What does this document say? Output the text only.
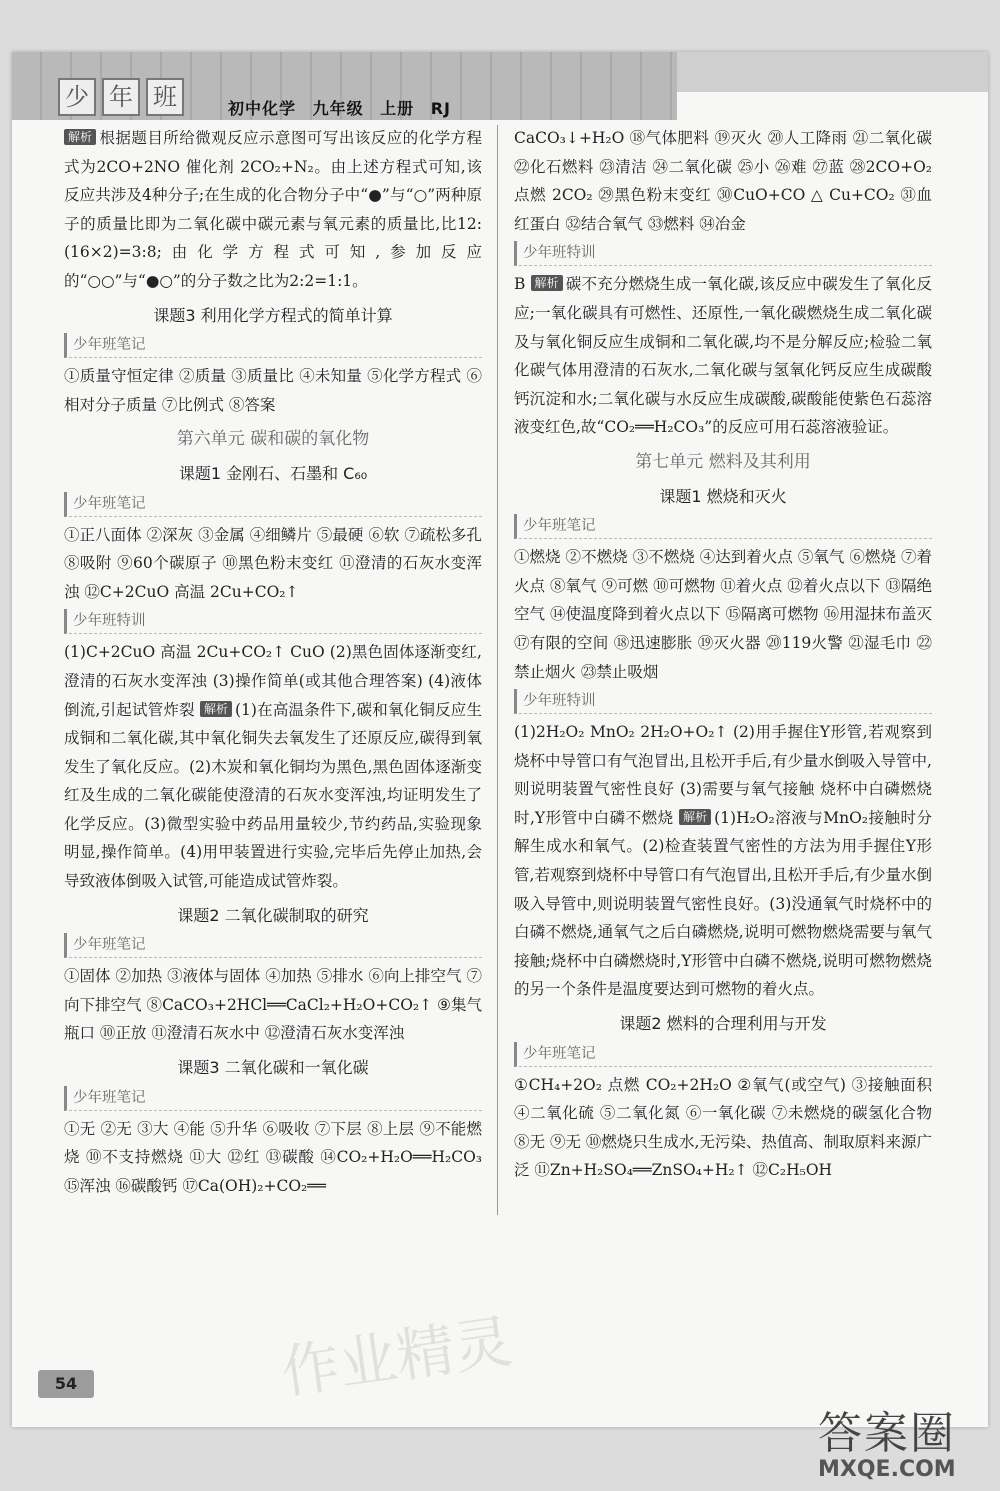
少 年 班	初中化学 九年级 上册 RJ

解析 根据题目所给微观反应示意图可写出该反应的化学方程式为2CO+2NO 催化剂 2CO₂+N₂。由上述方程式可知,该反应共涉及4种分子;在生成的化合物分子中“●”与“○”两种原子的质量比即为二氧化碳中碳元素与氧元素的质量比,比12:(16×2)=3:8;由化学方程式可知,参加反应的“○○”与“●○”的分子数之比为2:2=1:1。

课题3 利用化学方程式的简单计算
少年班笔记

①质量守恒定律 ②质量 ③质量比 ④未知量 ⑤化学方程式 ⑥相对分子质量 ⑦比例式 ⑧答案

第六单元 碳和碳的氧化物
课题1 金刚石、石墨和 C₆₀
少年班笔记

①正八面体 ②深灰 ③金属 ④细鳞片 ⑤最硬 ⑥软 ⑦疏松多孔 ⑧吸附 ⑨60个碳原子 ⑩黑色粉末变红 ⑪澄清的石灰水变浑浊 ⑫C+2CuO 高温 2Cu+CO₂↑

少年班特训

(1)C+2CuO 高温 2Cu+CO₂↑ CuO (2)黑色固体逐渐变红,澄清的石灰水变浑浊 (3)操作简单(或其他合理答案) (4)液体倒流,引起试管炸裂 解析 (1)在高温条件下,碳和氧化铜反应生成铜和二氧化碳,其中氧化铜失去氧发生了还原反应,碳得到氧发生了氧化反应。(2)木炭和氧化铜均为黑色,黑色固体逐渐变红及生成的二氧化碳能使澄清的石灰水变浑浊,均证明发生了化学反应。(3)微型实验中药品用量较少,节约药品,实验现象明显,操作简单。(4)用甲装置进行实验,完毕后先停止加热,会导致液体倒吸入试管,可能造成试管炸裂。

课题2 二氧化碳制取的研究
少年班笔记

①固体 ②加热 ③液体与固体 ④加热 ⑤排水 ⑥向上排空气 ⑦向下排空气 ⑧CaCO₃+2HCl══CaCl₂+H₂O+CO₂↑ ⑨集气瓶口 ⑩正放 ⑪澄清石灰水中 ⑫澄清石灰水变浑浊

课题3 二氧化碳和一氧化碳
少年班笔记

①无 ②无 ③大 ④能 ⑤升华 ⑥吸收 ⑦下层 ⑧上层 ⑨不能燃烧 ⑩不支持燃烧 ⑪大 ⑫红 ⑬碳酸 ⑭CO₂+H₂O══H₂CO₃ ⑮浑浊 ⑯碳酸钙 ⑰Ca(OH)₂+CO₂══

CaCO₃↓+H₂O ⑱气体肥料 ⑲灭火 ⑳人工降雨 ㉑二氧化碳 ㉒化石燃料 ㉓清洁 ㉔二氧化碳 ㉕小 ㉖难 ㉗蓝 ㉘2CO+O₂ 点燃 2CO₂ ㉙黑色粉末变红 ㉚CuO+CO △ Cu+CO₂ ㉛血红蛋白 ㉜结合氧气 ㉝燃料 ㉞冶金

少年班特训

B 解析 碳不充分燃烧生成一氧化碳,该反应中碳发生了氧化反应;一氧化碳具有可燃性、还原性,一氧化碳燃烧生成二氧化碳及与氧化铜反应生成铜和二氧化碳,均不是分解反应;检验二氧化碳气体用澄清的石灰水,二氧化碳与氢氧化钙反应生成碳酸钙沉淀和水;二氧化碳与水反应生成碳酸,碳酸能使紫色石蕊溶液变红色,故“CO₂══H₂CO₃”的反应可用石蕊溶液验证。

第七单元 燃料及其利用
课题1 燃烧和灭火
少年班笔记

①燃烧 ②不燃烧 ③不燃烧 ④达到着火点 ⑤氧气 ⑥燃烧 ⑦着火点 ⑧氧气 ⑨可燃 ⑩可燃物 ⑪着火点 ⑫着火点以下 ⑬隔绝空气 ⑭使温度降到着火点以下 ⑮隔离可燃物 ⑯用湿抹布盖灭 ⑰有限的空间 ⑱迅速膨胀 ⑲灭火器 ⑳119火警 ㉑湿毛巾 ㉒禁止烟火 ㉓禁止吸烟

少年班特训

(1)2H₂O₂ MnO₂ 2H₂O+O₂↑ (2)用手握住Y形管,若观察到烧杯中导管口有气泡冒出,且松开手后,有少量水倒吸入导管中,则说明装置气密性良好 (3)需要与氧气接触 烧杯中白磷燃烧时,Y形管中白磷不燃烧 解析 (1)H₂O₂溶液与MnO₂接触时分解生成水和氧气。(2)检查装置气密性的方法为用手握住Y形管,若观察到烧杯中导管口有气泡冒出,且松开手后,有少量水倒吸入导管中,则说明装置气密性良好。(3)没通氧气时烧杯中的白磷不燃烧,通氧气之后白磷燃烧,说明可燃物燃烧需要与氧气接触;烧杯中白磷燃烧时,Y形管中白磷不燃烧,说明可燃物燃烧的另一个条件是温度要达到可燃物的着火点。

课题2 燃料的合理利用与开发
少年班笔记

①CH₄+2O₂ 点燃 CO₂+2H₂O ②氧气(或空气) ③接触面积 ④二氧化硫 ⑤二氧化氮 ⑥一氧化碳 ⑦未燃烧的碳氢化合物 ⑧无 ⑨无 ⑩燃烧只生成水,无污染、热值高、制取原料来源广泛 ⑪Zn+H₂SO₄══ZnSO₄+H₂↑ ⑫C₂H₅OH

作业精灵
54
答案圈
MXQE.COM
